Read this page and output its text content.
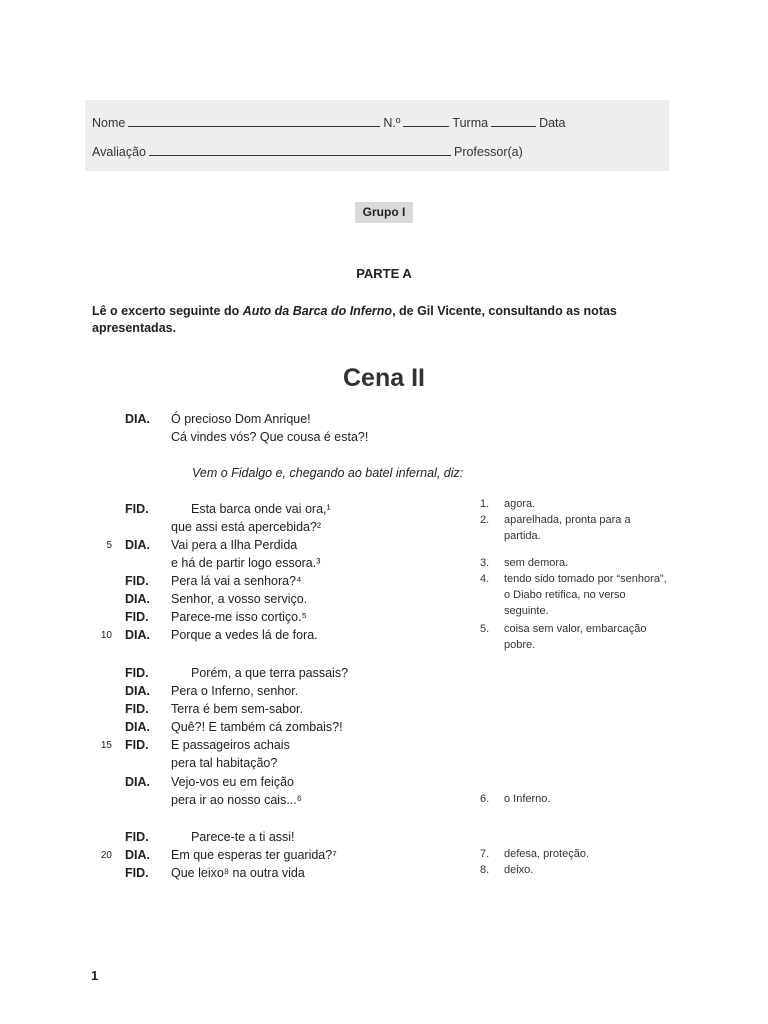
Nome	N.º	Turma	Data
Avaliação	Professor(a)
Grupo I
PARTE A
Lê o excerto seguinte do Auto da Barca do Inferno, de Gil Vicente, consultando as notas apresentadas.
Cena II
DIA. Ó precioso Dom Anrique!
Cá vindes vós? Que cousa é esta?!
FID.	Esta barca onde vai ora,¹
que assi está apercebida?²
5 DIA. Vai pera a Ilha Perdida
e há de partir logo essora.³
FID. Pera lá vai a senhora?⁴
DIA. Senhor, a vosso serviço.
FID. Parece-me isso cortiço.⁵
10 DIA. Porque a vedes lá de fora.
FID.	Porém, a que terra passais?
DIA. Pera o Inferno, senhor.
FID. Terra é bem sem-sabor.
DIA. Quê?! E também cá zombais?!
15 FID. E passageiros achais
pera tal habitação?
DIA. Vejo-vos eu em feição
pera ir ao nosso cais...⁶
FID.	Parece-te a ti assi!
20 DIA. Em que esperas ter guarida?⁷
FID. Que leixo⁸ na outra vida
Vem o Fidalgo e, chegando ao batel infernal, diz:
1.	agora.
2.	aparelhada, pronta para a partida.
3.	sem demora.
4.	tendo sido tomado por “senhora”, o Diabo retifica, no verso seguinte.
5.	coisa sem valor, embarcação pobre.
6.	o Inferno.
7.	defesa, proteção.
8.	deixo.
1
